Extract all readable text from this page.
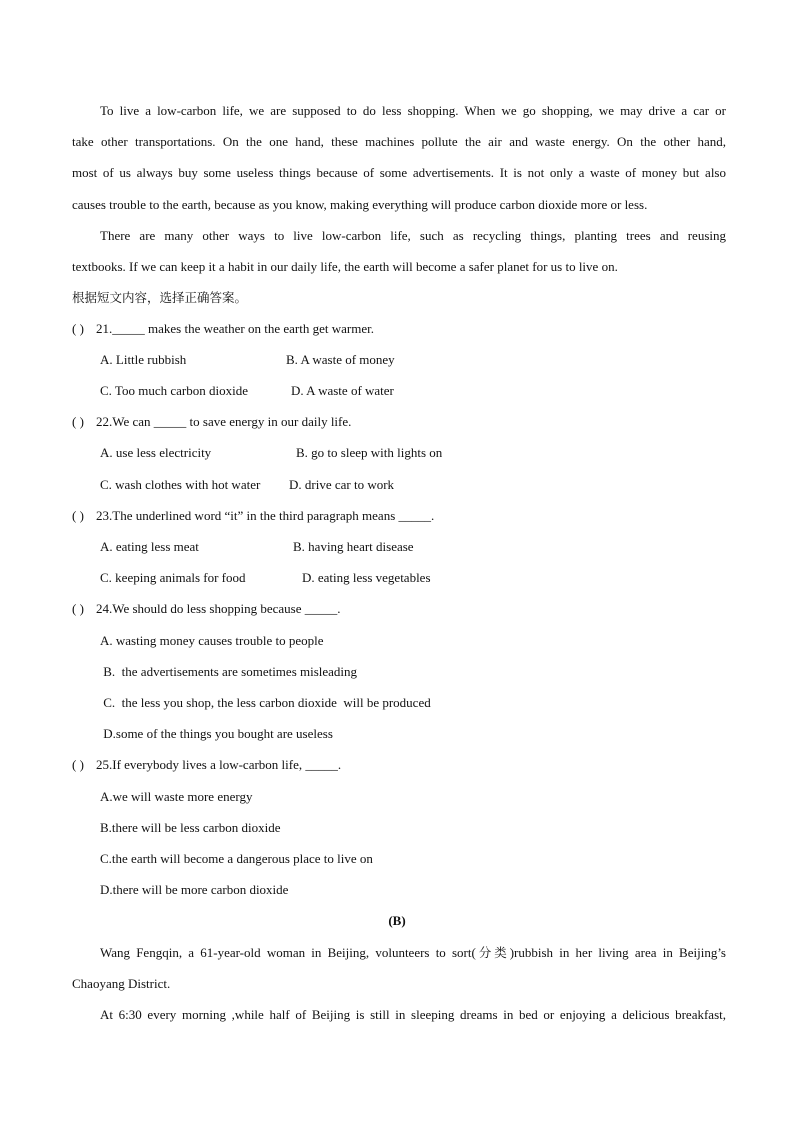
To live a low-carbon life, we are supposed to do less shopping. When we go shopping, we may drive a car or
take other transportations. On the one hand, these machines pollute the air and waste energy. On the other hand,
most of us always buy some useless things because of some advertisements. It is not only a waste of money but also
causes trouble to the earth, because as you know, making everything will produce carbon dioxide more or less.
There are many other ways to live low-carbon life, such as recycling things, planting trees and reusing
textbooks. If we can keep it a habit in our daily life, the earth will become a safer planet for us to live on.
根据短文内容，选择正确答案。
( ) 21._____ makes the weather on the earth get warmer.
A. Little rubbish	B. A waste of money
C. Too much carbon dioxide	D. A waste of water
( ) 22.We can _____ to save energy in our daily life.
A. use less electricity	B. go to sleep with lights on
C. wash clothes with hot water D. drive car to work
( ) 23.The underlined word “it” in the third paragraph means _____.
A. eating less meat	B. having heart disease
C. keeping animals for food	D. eating less vegetables
( ) 24.We should do less shopping because _____.
A. wasting money causes trouble to people
B.  the advertisements are sometimes misleading
C.  the less you shop, the less carbon dioxide  will be produced
D.some of the things you bought are useless
( ) 25.If everybody lives a low-carbon life, _____.
A.we will waste more energy
B.there will be less carbon dioxide
C.the earth will become a dangerous place to live on
D.there will be more carbon dioxide
(B)
Wang Fengqin, a 61-year-old woman in Beijing, volunteers to sort(分类)rubbish in her living area in Beijing’s
Chaoyang District.
At 6:30 every morning ,while half of Beijing is still in sleeping dreams in bed or enjoying a delicious breakfast,
